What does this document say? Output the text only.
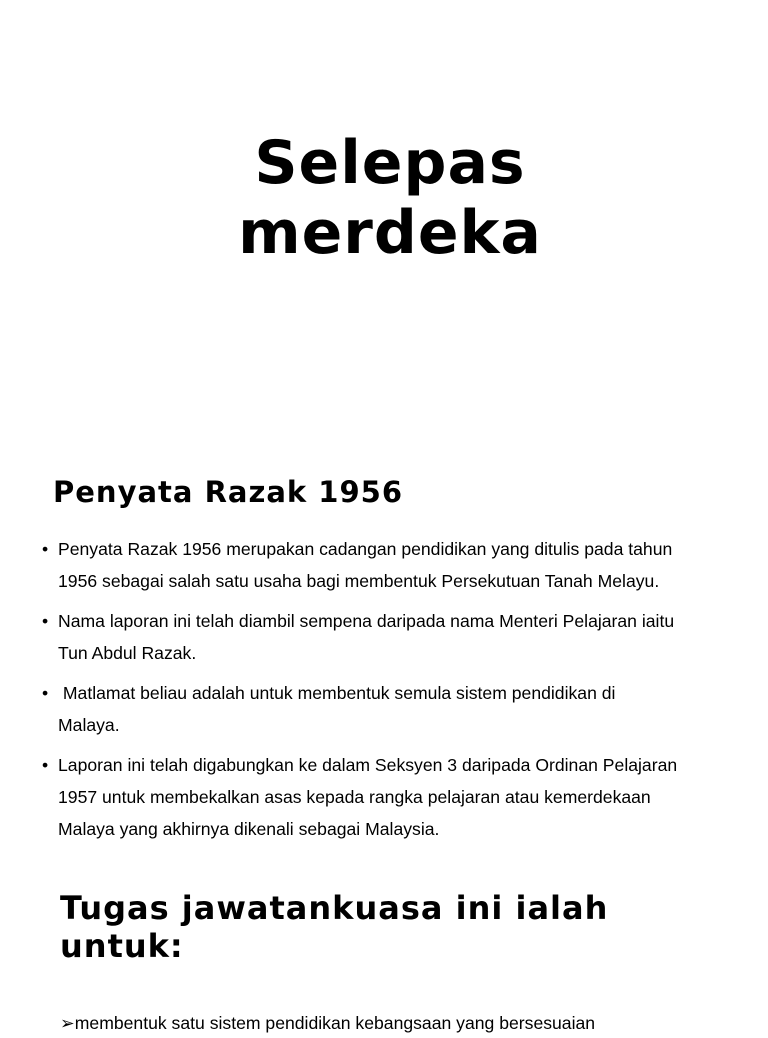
Selepas
merdeka
Penyata Razak 1956
• Penyata Razak 1956 merupakan cadangan pendidikan yang ditulis pada tahun
1956 sebagai salah satu usaha bagi membentuk Persekutuan Tanah Melayu.
• Nama laporan ini telah diambil sempena daripada nama Menteri Pelajaran iaitu
Tun Abdul Razak.
• Matlamat beliau adalah untuk membentuk semula sistem pendidikan di
Malaya.
• Laporan ini telah digabungkan ke dalam Seksyen 3 daripada Ordinan Pelajaran
1957 untuk membekalkan asas kepada rangka pelajaran atau kemerdekaan
Malaya yang akhirnya dikenali sebagai Malaysia.
Tugas jawatankuasa ini ialah
untuk:
➢membentuk satu sistem pendidikan kebangsaan yang bersesuaian
